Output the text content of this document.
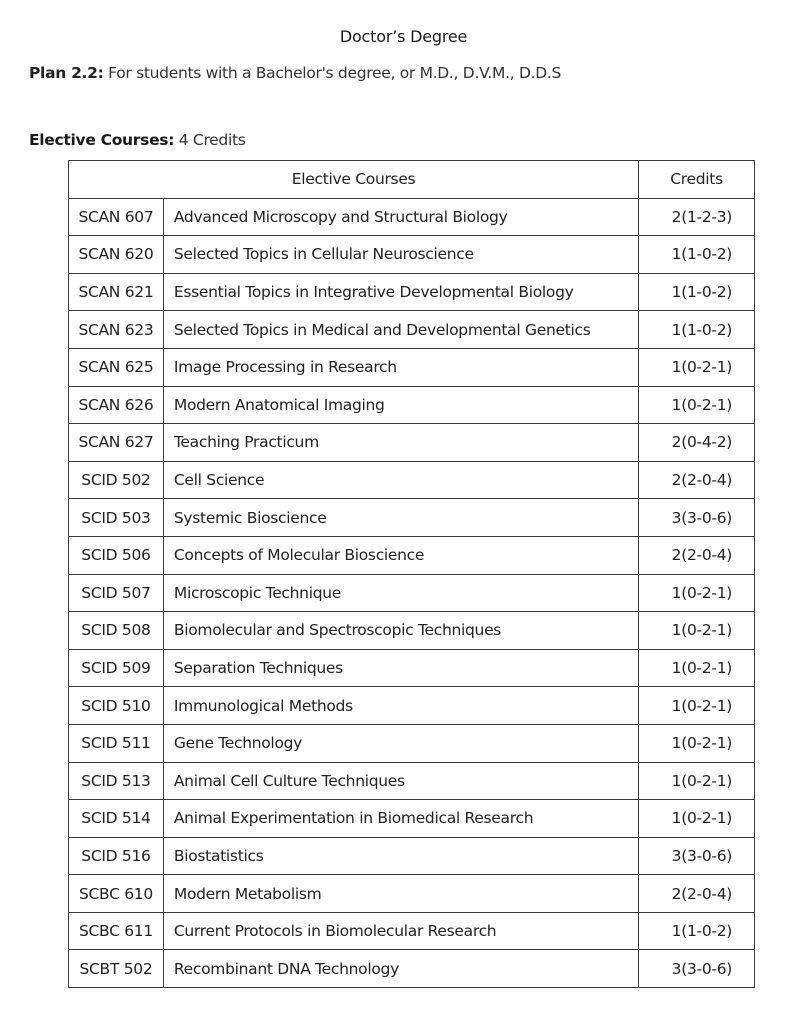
Doctor’s Degree
Plan 2.2: For students with a Bachelor's degree, or M.D., D.V.M., D.D.S
Elective Courses: 4 Credits
Elective Courses		Credits
SCAN 607	Advanced Microscopy and Structural Biology	2(1-2-3)
SCAN 620	Selected Topics in Cellular Neuroscience	1(1-0-2)
SCAN 621	Essential Topics in Integrative Developmental Biology	1(1-0-2)
SCAN 623	Selected Topics in Medical and Developmental Genetics	1(1-0-2)
SCAN 625	Image Processing in Research	1(0-2-1)
SCAN 626	Modern Anatomical Imaging	1(0-2-1)
SCAN 627	Teaching Practicum	2(0-4-2)
SCID 502	Cell Science	2(2-0-4)
SCID 503	Systemic Bioscience	3(3-0-6)
SCID 506	Concepts of Molecular Bioscience	2(2-0-4)
SCID 507	Microscopic Technique	1(0-2-1)
SCID 508	Biomolecular and Spectroscopic Techniques	1(0-2-1)
SCID 509	Separation Techniques	1(0-2-1)
SCID 510	Immunological Methods	1(0-2-1)
SCID 511	Gene Technology	1(0-2-1)
SCID 513	Animal Cell Culture Techniques	1(0-2-1)
SCID 514	Animal Experimentation in Biomedical Research	1(0-2-1)
SCID 516	Biostatistics	3(3-0-6)
SCBC 610	Modern Metabolism	2(2-0-4)
SCBC 611	Current Protocols in Biomolecular Research	1(1-0-2)
SCBT 502	Recombinant DNA Technology	3(3-0-6)
